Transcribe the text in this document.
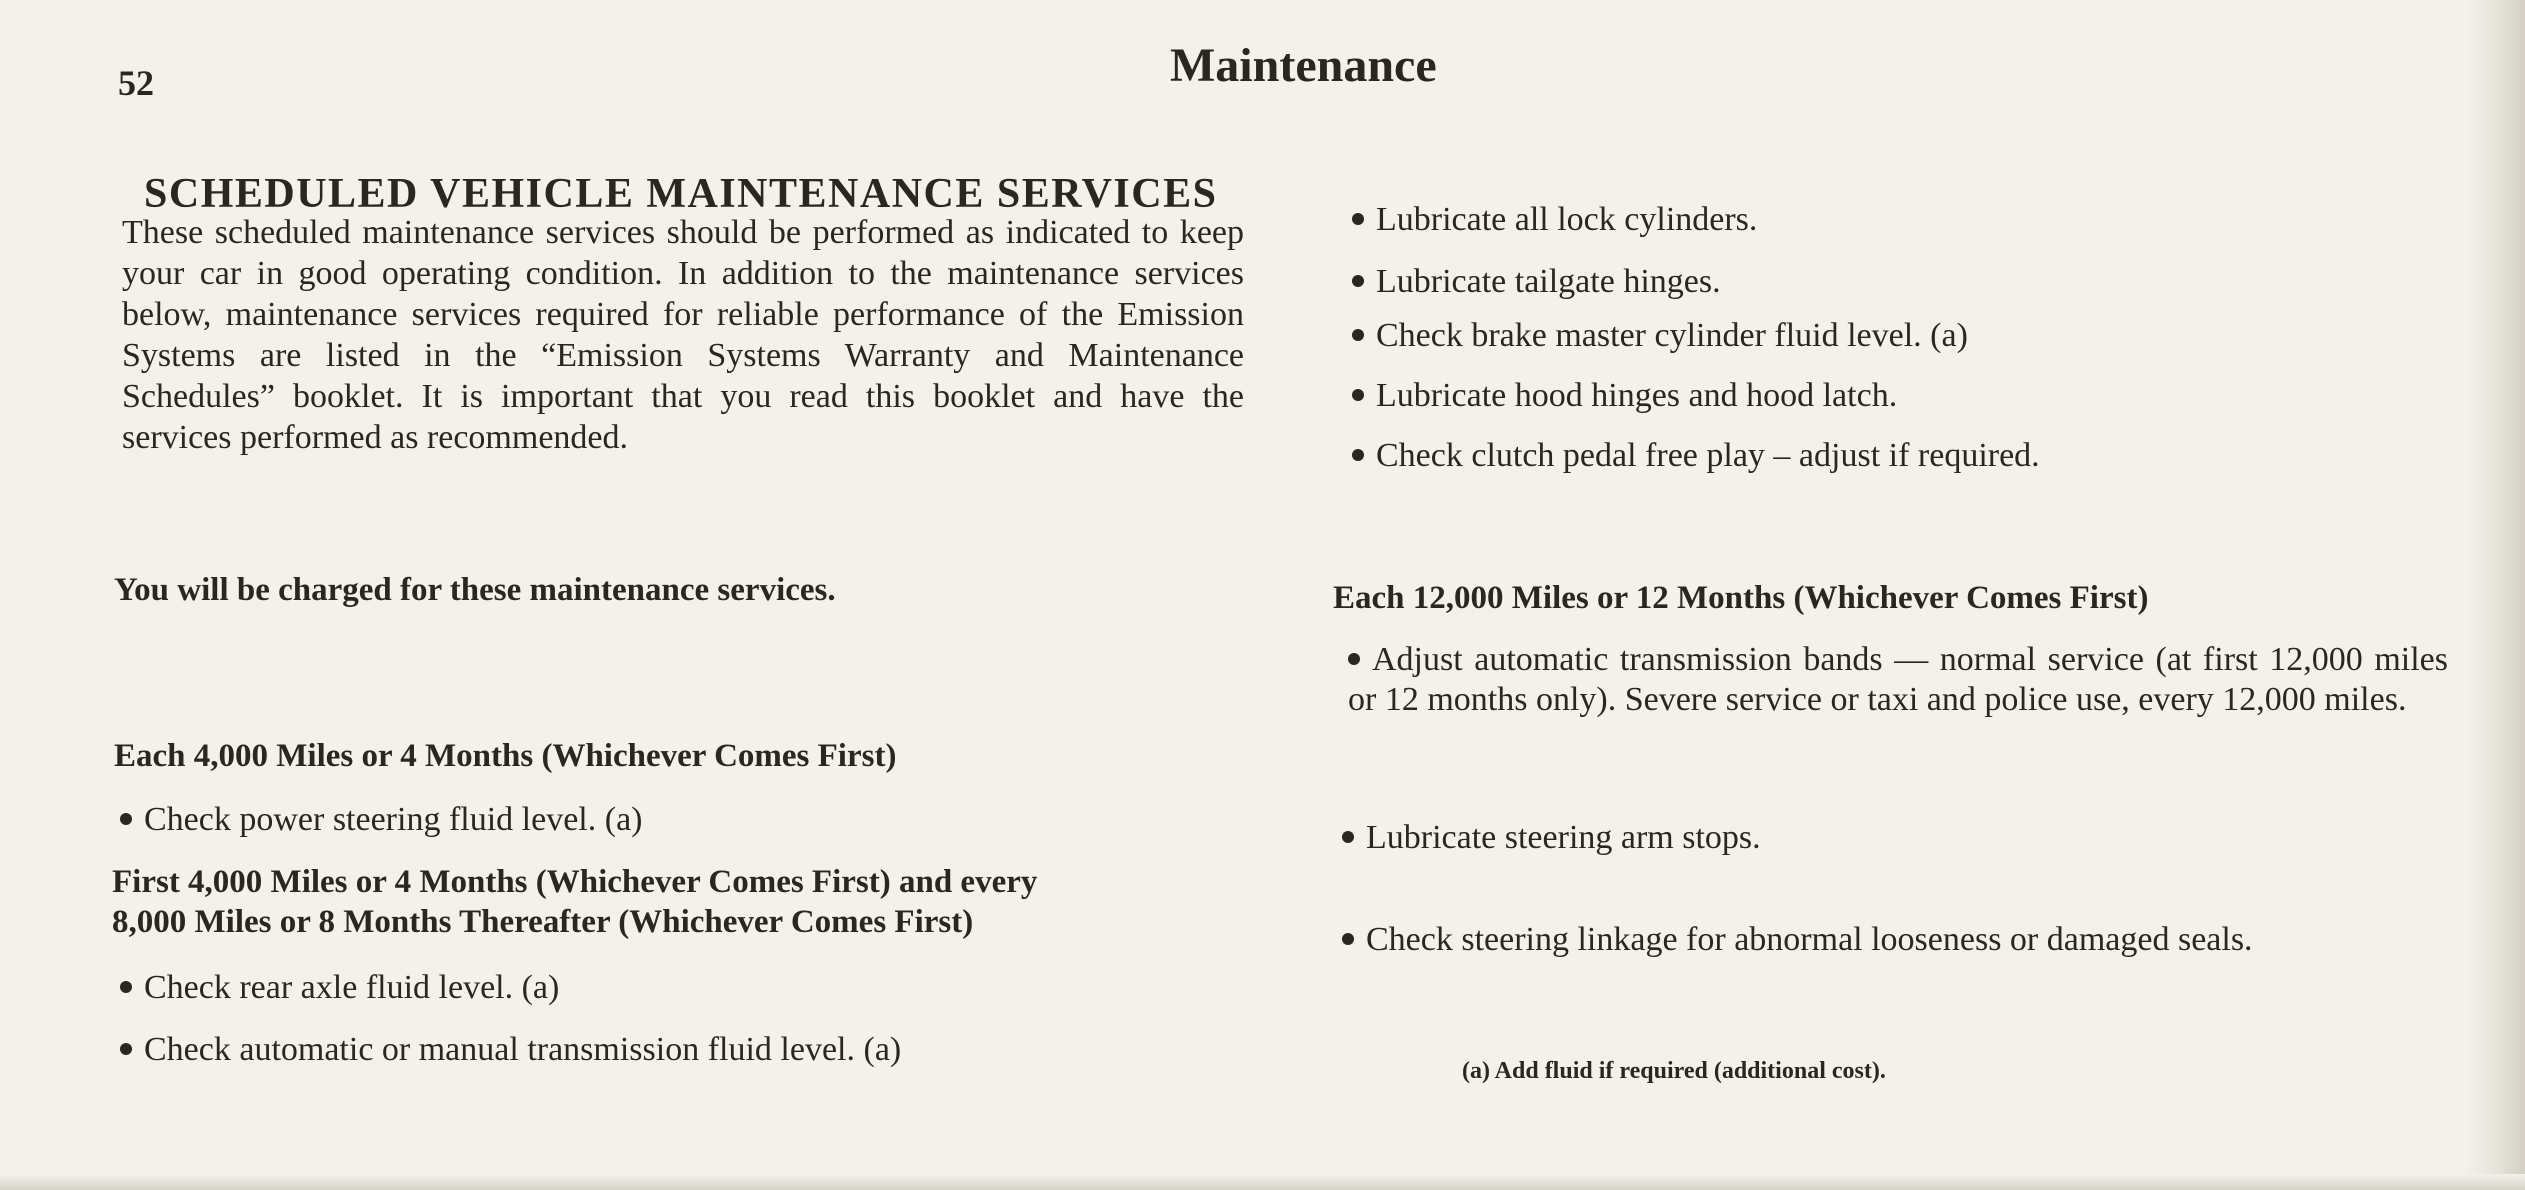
52	Maintenance
SCHEDULED VEHICLE MAINTENANCE SERVICES
These scheduled maintenance services should be performed as indicated to keep your car in good operating condition. In addition to the maintenance services below, maintenance services required for reliable performance of the Emission Systems are listed in the “Emission Systems Warranty and Maintenance Schedules” booklet. It is important that you read this booklet and have the services performed as recommended.
You will be charged for these maintenance services.
Each 4,000 Miles or 4 Months (Whichever Comes First)
Check power steering fluid level. (a)
First 4,000 Miles or 4 Months (Whichever Comes First) and every
8,000 Miles or 8 Months Thereafter (Whichever Comes First)
Check rear axle fluid level. (a)
Check automatic or manual transmission fluid level. (a)
Lubricate all lock cylinders.
Lubricate tailgate hinges.
Check brake master cylinder fluid level. (a)
Lubricate hood hinges and hood latch.
Check clutch pedal free play – adjust if required.
Each 12,000 Miles or 12 Months (Whichever Comes First)
Adjust automatic transmission bands — normal service (at first 12,000 miles or 12 months only). Severe service or taxi and police use, every 12,000 miles.
Lubricate steering arm stops.
Check steering linkage for abnormal looseness or damaged seals.
(a) Add fluid if required (additional cost).
